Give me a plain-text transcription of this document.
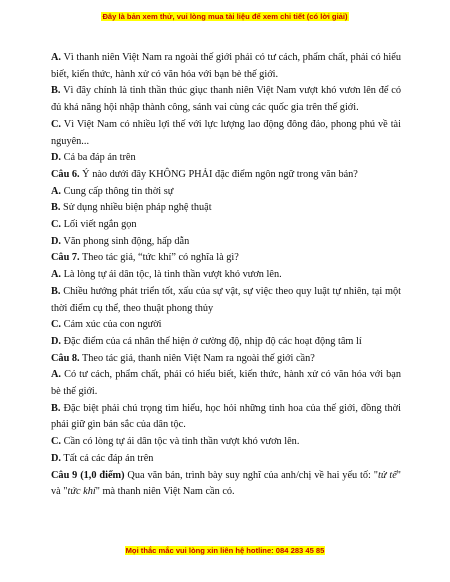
Đây là bản xem thử, vui lòng mua tài liệu để xem chi tiết (có lời giải)

A. Vì thanh niên Việt Nam ra ngoài thế giới phải có tư cách, phẩm chất, phải có hiểu biết, kiến thức, hành xử có văn hóa với bạn bè thế giới.

B. Vì đây chính là tinh thần thúc giục thanh niên Việt Nam vượt khó vươn lên để có đủ khả năng hội nhập thành công, sánh vai cùng các quốc gia trên thế giới.

C. Vì Việt Nam có nhiều lợi thế với lực lượng lao động đông đảo, phong phú về tài nguyên...

D. Cả ba đáp án trên

Câu 6. Ý nào dưới đây KHÔNG PHẢI đặc điểm ngôn ngữ trong văn bản?

A. Cung cấp thông tin thời sự

B. Sử dụng nhiều biện pháp nghệ thuật

C. Lối viết ngắn gọn

D. Văn phong sinh động, hấp dẫn

Câu 7. Theo tác giả, “tức khí” có nghĩa là gì?

A. Là lòng tự ái dân tộc, là tinh thần vượt khó vươn lên.

B. Chiều hướng phát triển tốt, xấu của sự vật, sự việc theo quy luật tự nhiên, tại một thời điểm cụ thể, theo thuật phong thủy

C. Cảm xúc của con người

D. Đặc điểm của cá nhân thể hiện ở cường độ, nhịp độ các hoạt động tâm lí

Câu 8. Theo tác giả, thanh niên Việt Nam ra ngoài thế giới cần?

A. Có tư cách, phẩm chất, phải có hiểu biết, kiến thức, hành xử có văn hóa với bạn bè thế giới.

B. Đặc biệt phải chú trọng tìm hiểu, học hỏi những tinh hoa của thế giới, đồng thời phải giữ gìn bản sắc của dân tộc.

C. Cần có lòng tự ái dân tộc và tinh thần vượt khó vươn lên.

D. Tất cả các đáp án trên

Câu 9 (1,0 điểm) Qua văn bản, trình bày suy nghĩ của anh/chị về hai yếu tố: "tử tế" và "tức khí" mà thanh niên Việt Nam cần có.

Mọi thắc mắc vui lòng xin liên hệ hotline: 084 283 45 85
